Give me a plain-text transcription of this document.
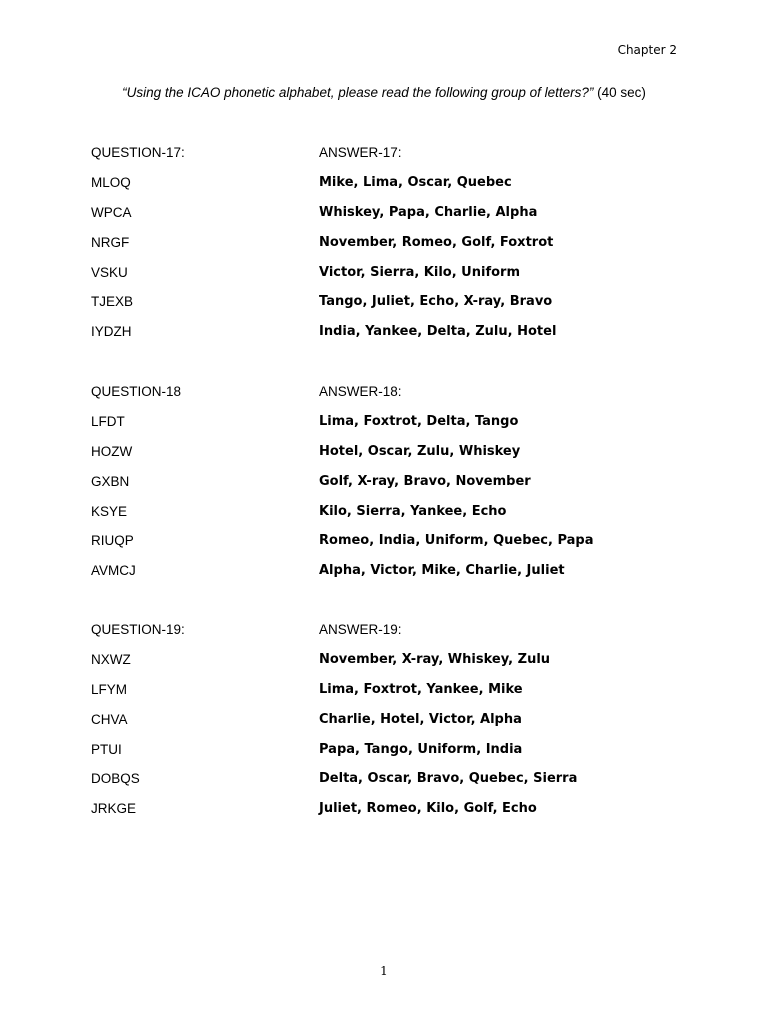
Chapter 2
“Using the ICAO phonetic alphabet, please read the following group of letters?” (40 sec)
QUESTION-17:	ANSWER-17:
MLOQ	Mike, Lima, Oscar, Quebec
WPCA	Whiskey, Papa, Charlie, Alpha
NRGF	November, Romeo, Golf, Foxtrot
VSKU	Victor, Sierra, Kilo, Uniform
TJEXB	Tango, Juliet, Echo, X-ray, Bravo
IYDZH	India, Yankee, Delta, Zulu, Hotel
QUESTION-18	ANSWER-18:
LFDT	Lima, Foxtrot, Delta, Tango
HOZW	Hotel, Oscar, Zulu, Whiskey
GXBN	Golf, X-ray, Bravo, November
KSYE	Kilo, Sierra, Yankee, Echo
RIUQP	Romeo, India, Uniform, Quebec, Papa
AVMCJ	Alpha, Victor, Mike, Charlie, Juliet
QUESTION-19:	ANSWER-19:
NXWZ	November, X-ray, Whiskey, Zulu
LFYM	Lima, Foxtrot, Yankee, Mike
CHVA	Charlie, Hotel, Victor, Alpha
PTUI	Papa, Tango, Uniform, India
DOBQS	Delta, Oscar, Bravo, Quebec, Sierra
JRKGE	Juliet, Romeo, Kilo, Golf, Echo
1
